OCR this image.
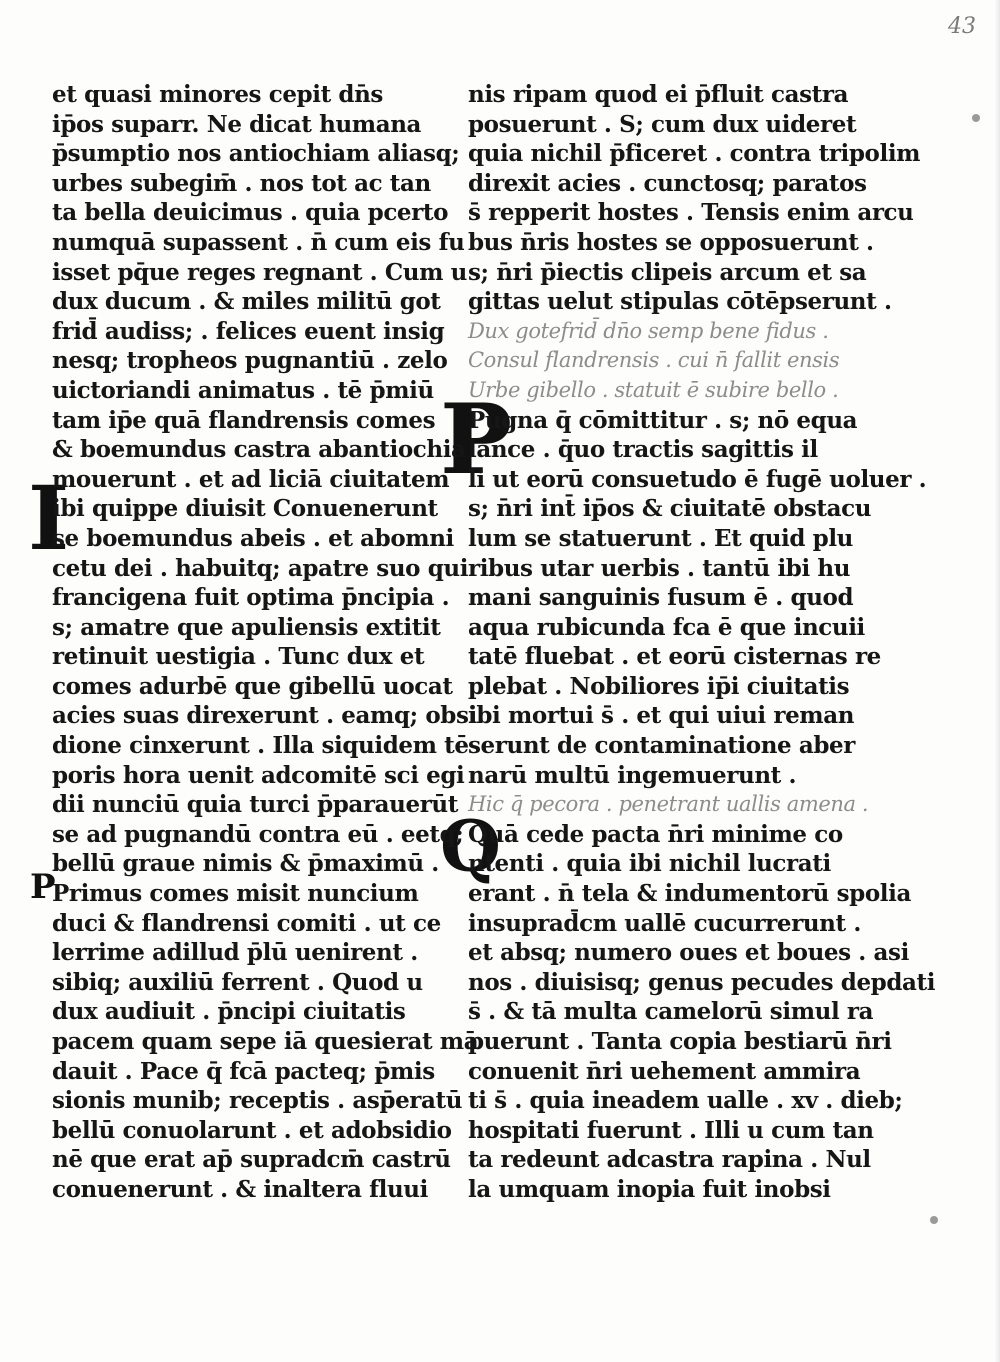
43
I
P
P
Q
et quasi minores cepit dn̄s
ip̄os suparr. Ne dicat humana
p̄sumptio nos antiochiam aliasq;
urbes subegim̄ . nos tot ac tan
ta bella deuicimus . quia pcerto
numquā supassent . n̄ cum eis fu
isset pq̄ue reges regnant . Cum u
dux ducum . & miles militū got
frid̄ audiss; . felices euent insig
nesq; tropheos pugnantiū . zelo
uictoriandi animatus . tē p̄miū
tam ip̄e quā flandrensis comes
& boemundus castra abantiochia
mouerunt . et ad liciā ciuitatem
ibi quippe diuisit Conuenerunt
se boemundus abeis . et abomni
cetu dei . habuitq; apatre suo qui
francigena fuit optima p̄ncipia .
s; amatre que apuliensis extitit
retinuit uestigia . Tunc dux et
comes adurbē que gibellū uocat
acies suas direxerunt . eamq; obsi
dione cinxerunt . Illa siquidem tē
poris hora uenit adcomitē sci egi
dii nunciū quia turci p̄parauerūt
se ad pugnandū contra eū . eetq;
bellū graue nimis & p̄maximū .
Primus comes misit nuncium
duci & flandrensi comiti . ut ce
lerrime adillud p̄lū uenirent .
sibiq; auxiliū ferrent . Quod u
dux audiuit . p̄ncipi ciuitatis
pacem quam sepe iā quesierat mā
dauit . Pace q̄ fcā pacteq; p̄mis
sionis munib; receptis . asp̄eratū
bellū conuolarunt . et adobsidio
nē que erat ap̄ supradcm̄ castrū
conuenerunt . & inaltera fluui
nis ripam quod ei p̄fluit castra
posuerunt . S; cum dux uideret
quia nichil p̄ficeret . contra tripolim
direxit acies . cunctosq; paratos
s̄ repperit hostes . Tensis enim arcu
bus n̄ris hostes se opposuerunt .
s; n̄ri p̄iectis clipeis arcum et sa
gittas uelut stipulas cōtēpserunt .
Dux gotefrid̄ dn̄o semp bene fidus .
Consul flandrensis . cui n̄ fallit ensis
Urbe gibello . statuit ē subire bello .
Pugna q̄ cōmittitur . s; nō equa
lance . q̄uo tractis sagittis il
li ut eorū consuetudo ē fugē uoluer .
s; n̄ri int̄ ip̄os & ciuitatē obstacu
lum se statuerunt . Et quid plu
ribus utar uerbis . tantū ibi hu
mani sanguinis fusum ē . quod
aqua rubicunda fca ē que incuii
tatē fluebat . et eorū cisternas re
plebat . Nobiliores ip̄i ciuitatis
ibi mortui s̄ . et qui uiui reman
serunt de contaminatione aber
narū multū ingemuerunt .
Hic q̄ pecora . penetrant uallis amena .
Quā cede pacta n̄ri minime co
ntenti . quia ibi nichil lucrati
erant . n̄ tela & indumentorū spolia
insuprad̄cm uallē cucurrerunt .
et absq; numero oues et boues . asi
nos . diuisisq; genus pecudes depdati
s̄ . & tā multa camelorū simul ra
puerunt . Tanta copia bestiarū n̄ri
conuenit n̄ri uehement ammira
ti s̄ . quia ineadem ualle . xv . dieb;
hospitati fuerunt . Illi u cum tan
ta redeunt adcastra rapina . Nul
la umquam inopia fuit inobsi
